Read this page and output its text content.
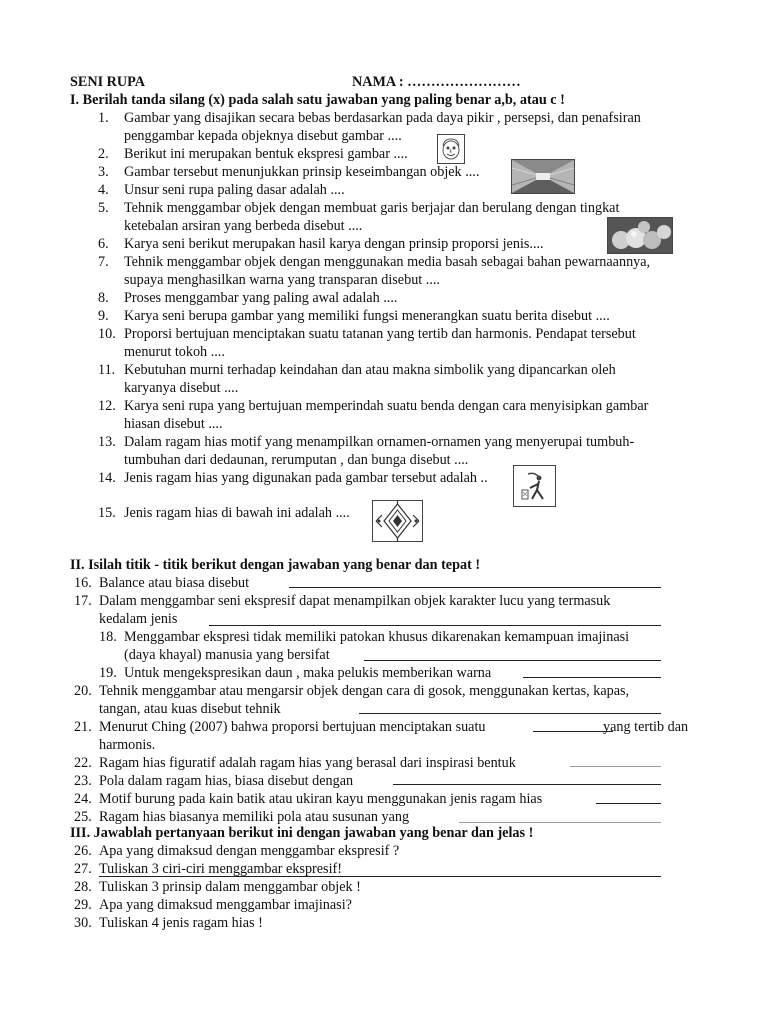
SENI RUPA	NAMA : ……………………
I. Berilah tanda silang (x) pada salah satu jawaban yang paling benar a,b, atau c !
1. Gambar yang disajikan secara bebas berdasarkan pada daya pikir , persepsi, dan penafsiran
penggambar kepada objeknya disebut gambar ....
2. Berikut ini merupakan bentuk ekspresi gambar ....
3. Gambar tersebut menunjukkan prinsip keseimbangan objek ....
4. Unsur seni rupa paling dasar adalah ....
5. Tehnik menggambar objek dengan membuat garis berjajar dan berulang dengan tingkat
ketebalan arsiran yang berbeda disebut ....
6. Karya seni berikut merupakan hasil karya dengan prinsip proporsi jenis....
7. Tehnik menggambar objek dengan menggunakan media basah sebagai bahan pewarnaannya,
supaya menghasilkan warna yang transparan disebut ....
8. Proses menggambar yang paling awal adalah ....
9. Karya seni berupa gambar yang memiliki fungsi menerangkan suatu berita disebut ....
10. Proporsi bertujuan menciptakan suatu tatanan yang tertib dan harmonis. Pendapat tersebut
menurut tokoh ....
11. Kebutuhan murni terhadap keindahan dan atau makna simbolik yang dipancarkan oleh
karyanya disebut ....
12. Karya seni rupa yang bertujuan memperindah suatu benda dengan cara menyisipkan gambar
hiasan disebut ....
13. Dalam ragam hias motif yang menampilkan ornamen-ornamen yang menyerupai tumbuh-
tumbuhan dari dedaunan, rerumputan , dan bunga disebut ....
14. Jenis ragam hias yang digunakan pada gambar tersebut adalah ..
15. Jenis ragam hias di bawah ini adalah ....
II. Isilah titik - titik berikut dengan jawaban yang benar dan tepat !
16. Balance atau biasa disebut
17. Dalam menggambar seni ekspresif dapat menampilkan objek karakter lucu yang termasuk
kedalam jenis
18. Menggambar ekspresi tidak memiliki patokan khusus dikarenakan kemampuan imajinasi
(daya khayal) manusia yang bersifat
19. Untuk mengekspresikan daun , maka pelukis memberikan warna
20. Tehnik menggambar atau mengarsir objek dengan cara di gosok, menggunakan kertas, kapas,
tangan, atau kuas disebut tehnik
21. Menurut Ching (2007) bahwa proporsi bertujuan menciptakan suatu	yang tertib dan
harmonis.
22. Ragam hias figuratif adalah ragam hias yang berasal dari inspirasi bentuk
23. Pola dalam ragam hias, biasa disebut dengan
24. Motif burung pada kain batik atau ukiran kayu menggunakan jenis ragam hias
25. Ragam hias biasanya memiliki pola atau susunan yang
III. Jawablah pertanyaan berikut ini dengan jawaban yang benar dan jelas !
26. Apa yang dimaksud dengan menggambar ekspresif ?
27. Tuliskan 3 ciri-ciri menggambar ekspresif!
28. Tuliskan 3 prinsip dalam menggambar objek !
29. Apa yang dimaksud menggambar imajinasi?
30. Tuliskan 4 jenis ragam hias !
